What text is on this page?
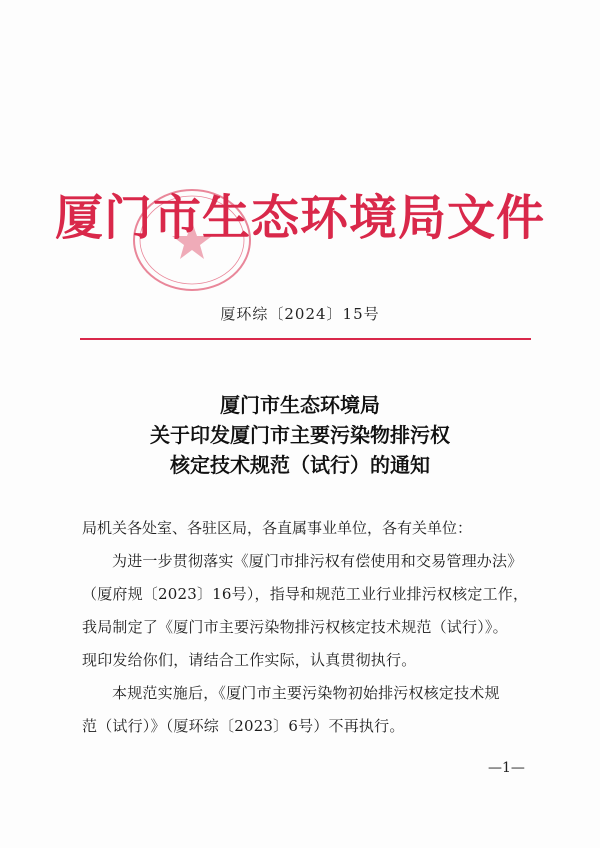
厦门市生态环境局文件
厦环综〔2024〕15号
厦门市生态环境局
关于印发厦门市主要污染物排污权
核定技术规范（试行）的通知
局机关各处室、各驻区局，各直属事业单位，各有关单位：
为进一步贯彻落实《厦门市排污权有偿使用和交易管理办法》
（厦府规〔2023〕16号），指导和规范工业行业排污权核定工作，
我局制定了《厦门市主要污染物排污权核定技术规范（试行）》。
现印发给你们，请结合工作实际，认真贯彻执行。
本规范实施后，《厦门市主要污染物初始排污权核定技术规
范（试行）》（厦环综〔2023〕6号）不再执行。
—1—
